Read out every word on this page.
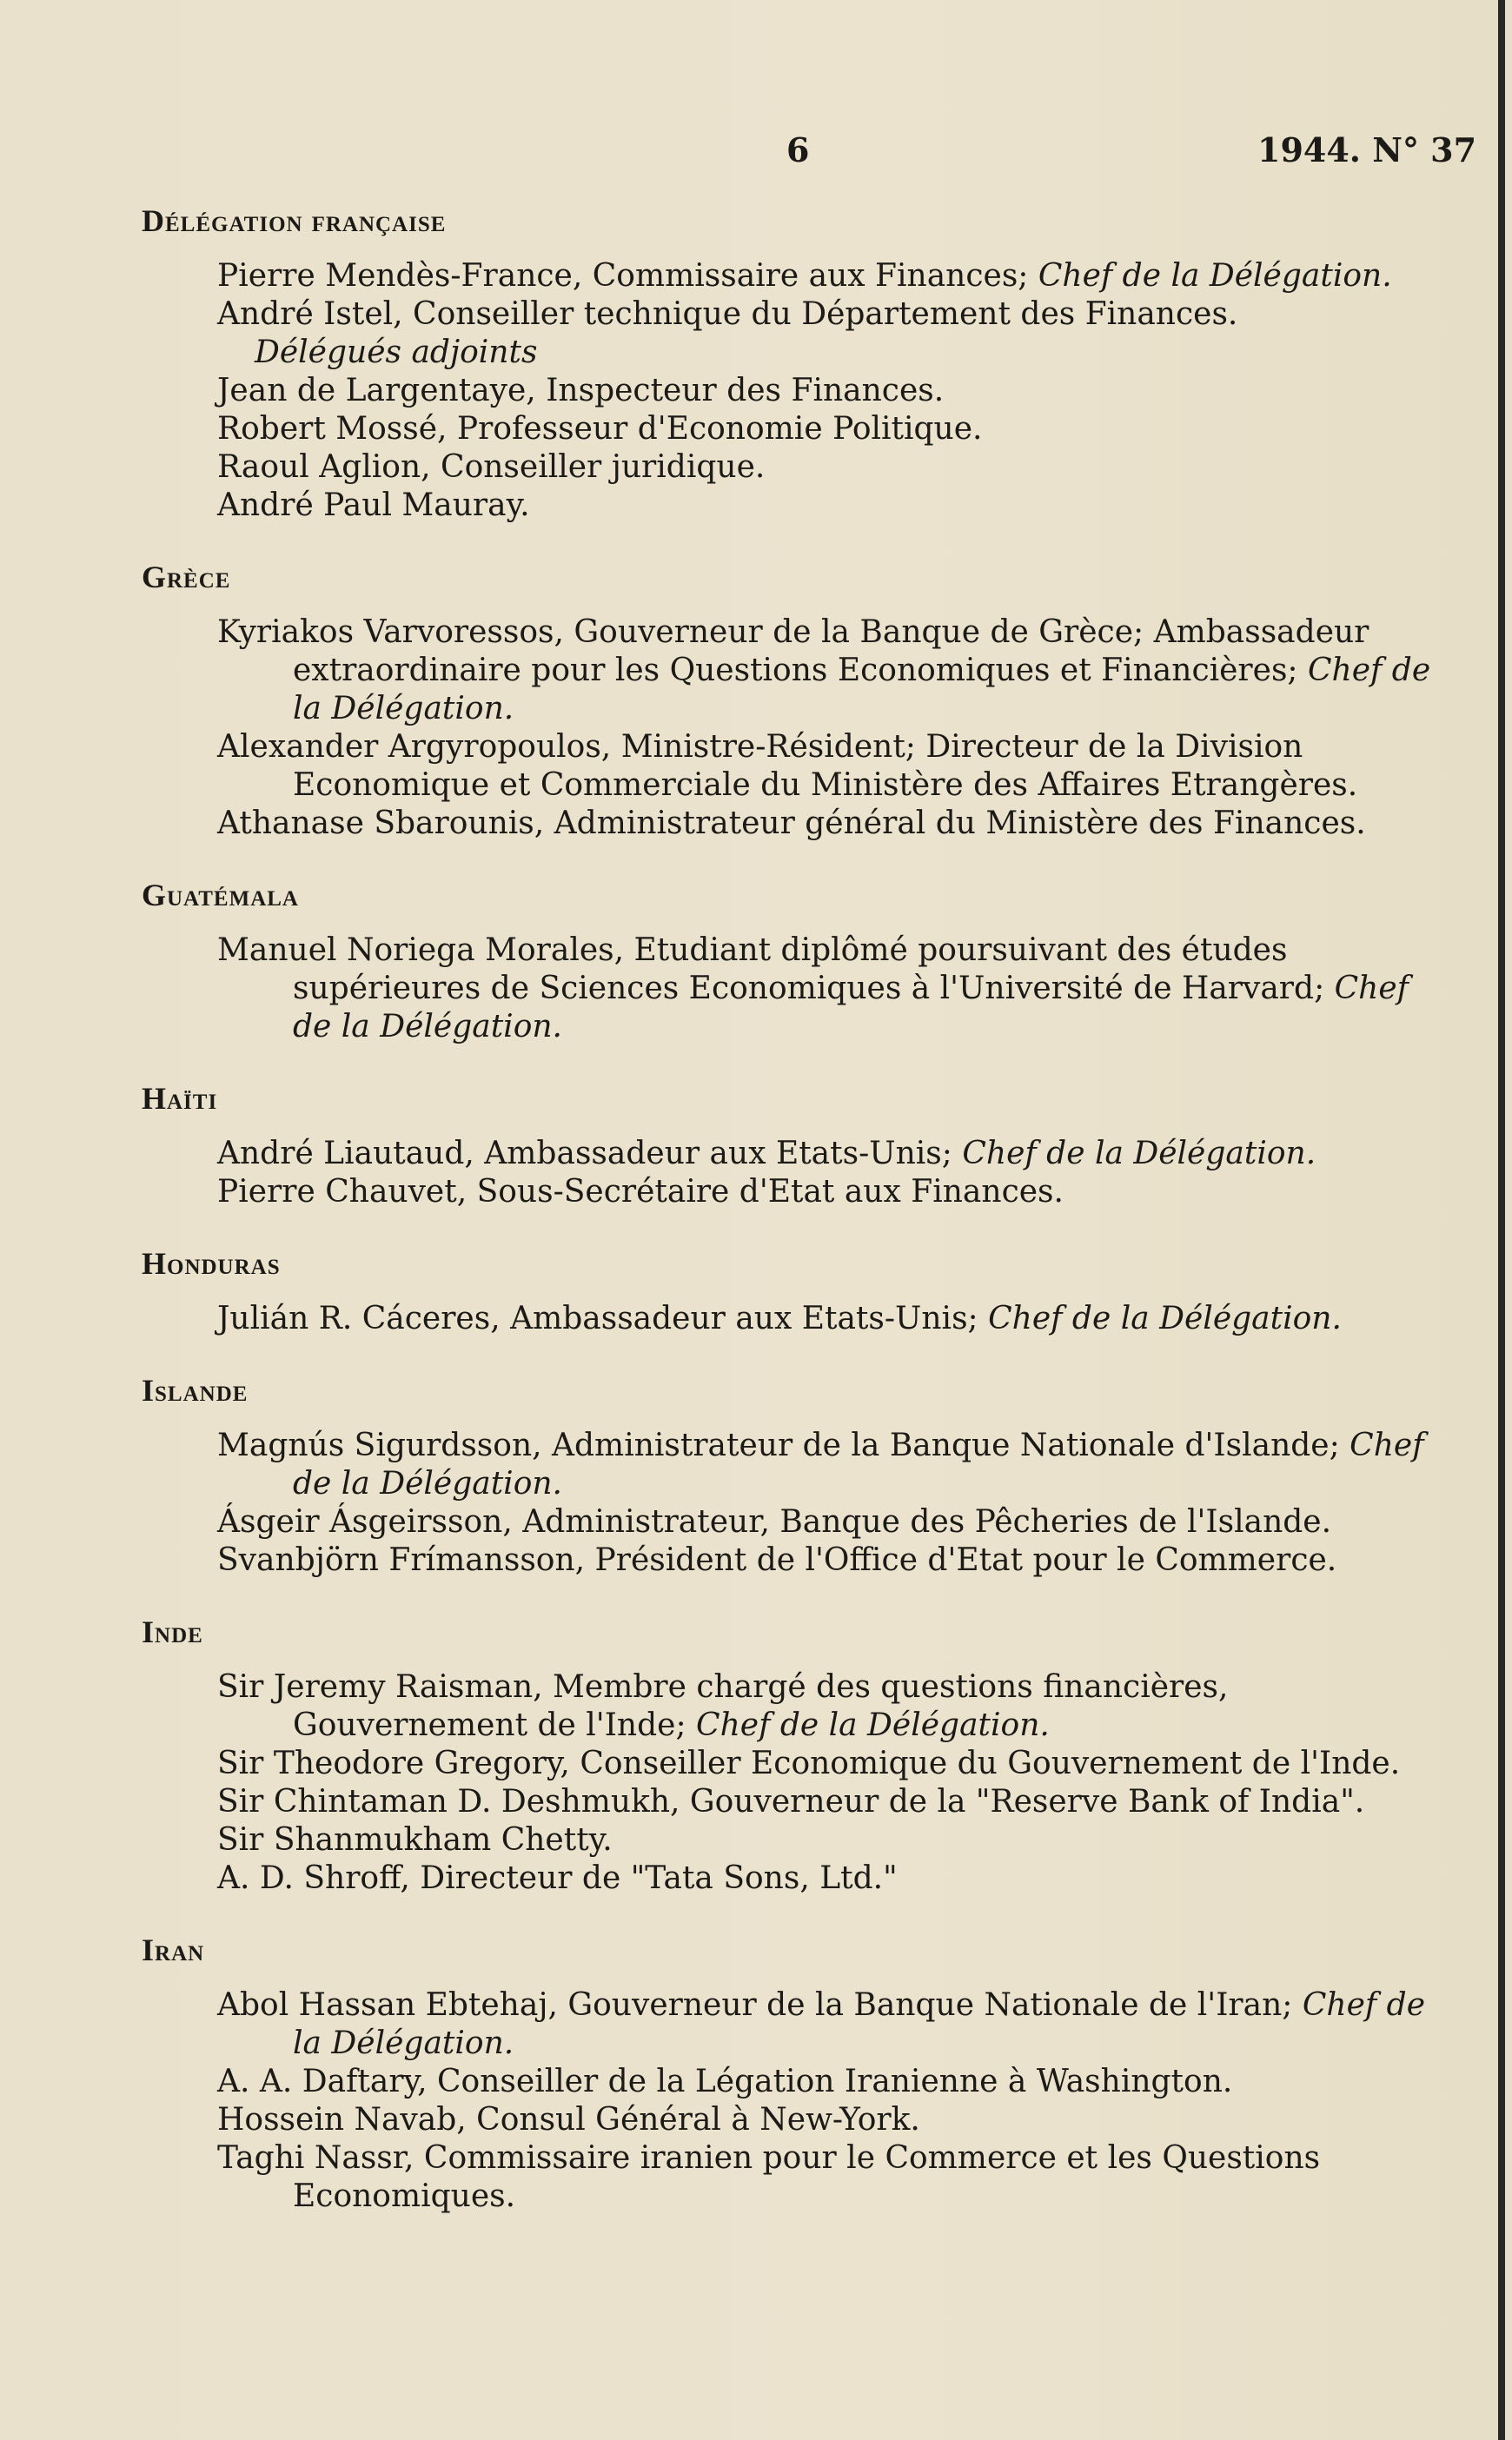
6	1944. N° 37
Délégation française
Pierre Mendès-France, Commissaire aux Finances; Chef de la Délégation.
André Istel, Conseiller technique du Département des Finances.
Délégués adjoints
Jean de Largentaye, Inspecteur des Finances.
Robert Mossé, Professeur d'Economie Politique.
Raoul Aglion, Conseiller juridique.
André Paul Mauray.
Grèce
Kyriakos Varvoressos, Gouverneur de la Banque de Grèce; Ambassadeur extraordinaire pour les Questions Economiques et Financières; Chef de la Délégation.
Alexander Argyropoulos, Ministre-Résident; Directeur de la Division Economique et Commerciale du Ministère des Affaires Etrangères.
Athanase Sbarounis, Administrateur général du Ministère des Finances.
Guatémala
Manuel Noriega Morales, Etudiant diplômé poursuivant des études supérieures de Sciences Economiques à l'Université de Harvard; Chef de la Délégation.
Haïti
André Liautaud, Ambassadeur aux Etats-Unis; Chef de la Délégation.
Pierre Chauvet, Sous-Secrétaire d'Etat aux Finances.
Honduras
Julián R. Cáceres, Ambassadeur aux Etats-Unis; Chef de la Délégation.
Islande
Magnús Sigurdsson, Administrateur de la Banque Nationale d'Islande; Chef de la Délégation.
Ásgeir Ásgeirsson, Administrateur, Banque des Pêcheries de l'Islande.
Svanbjörn Frímansson, Président de l'Office d'Etat pour le Commerce.
Inde
Sir Jeremy Raisman, Membre chargé des questions financières, Gouvernement de l'Inde; Chef de la Délégation.
Sir Theodore Gregory, Conseiller Economique du Gouvernement de l'Inde.
Sir Chintaman D. Deshmukh, Gouverneur de la "Reserve Bank of India".
Sir Shanmukham Chetty.
A. D. Shroff, Directeur de "Tata Sons, Ltd."
Iran
Abol Hassan Ebtehaj, Gouverneur de la Banque Nationale de l'Iran; Chef de la Délégation.
A. A. Daftary, Conseiller de la Légation Iranienne à Washington.
Hossein Navab, Consul Général à New-York.
Taghi Nassr, Commissaire iranien pour le Commerce et les Questions Economiques.
